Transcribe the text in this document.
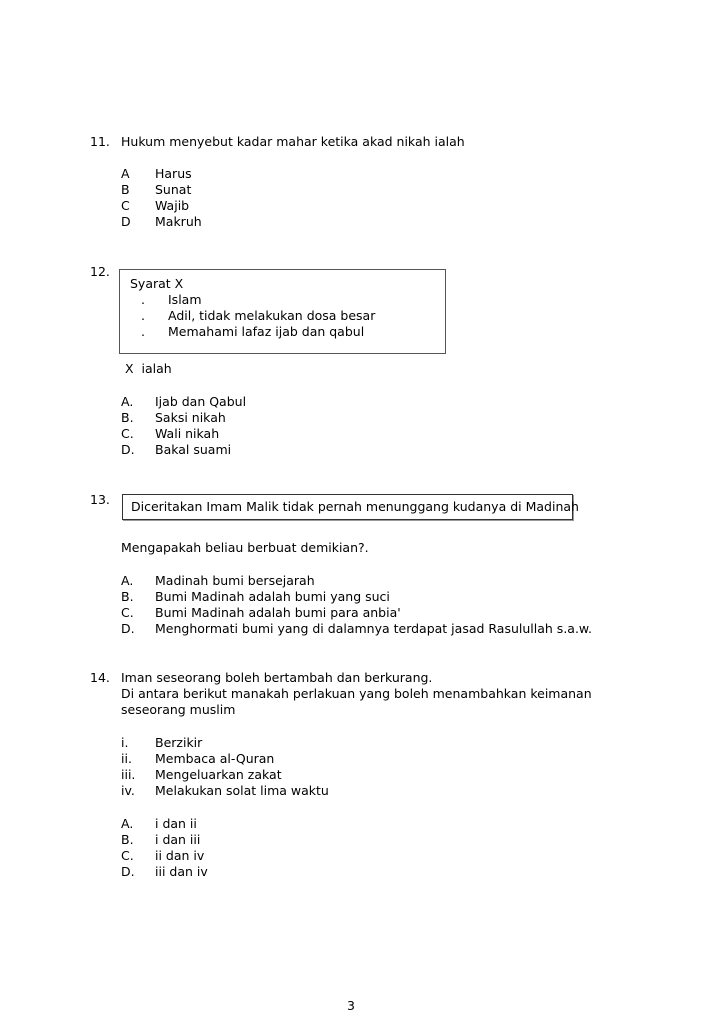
11. Hukum menyebut kadar mahar ketika akad nikah ialah
A Harus
B Sunat
C Wajib
D Makruh
12.
Syarat X
. Islam
. Adil, tidak melakukan dosa besar
. Memahami lafaz ijab dan qabul
X  ialah
A. Ijab dan Qabul
B. Saksi nikah
C. Wali nikah
D. Bakal suami
13. Diceritakan Imam Malik tidak pernah menunggang kudanya di Madinah
Mengapakah beliau berbuat demikian?.
A. Madinah bumi bersejarah
B. Bumi Madinah adalah bumi yang suci
C. Bumi Madinah adalah bumi para anbia'
D. Menghormati bumi yang di dalamnya terdapat jasad Rasulullah s.a.w.
14. Iman seseorang boleh bertambah dan berkurang.
Di antara berikut manakah perlakuan yang boleh menambahkan keimanan
seseorang muslim
i. Berzikir
ii. Membaca al-Quran
iii. Mengeluarkan zakat
iv. Melakukan solat lima waktu
A. i dan ii
B. i dan iii
C. ii dan iv
D. iii dan iv
3
